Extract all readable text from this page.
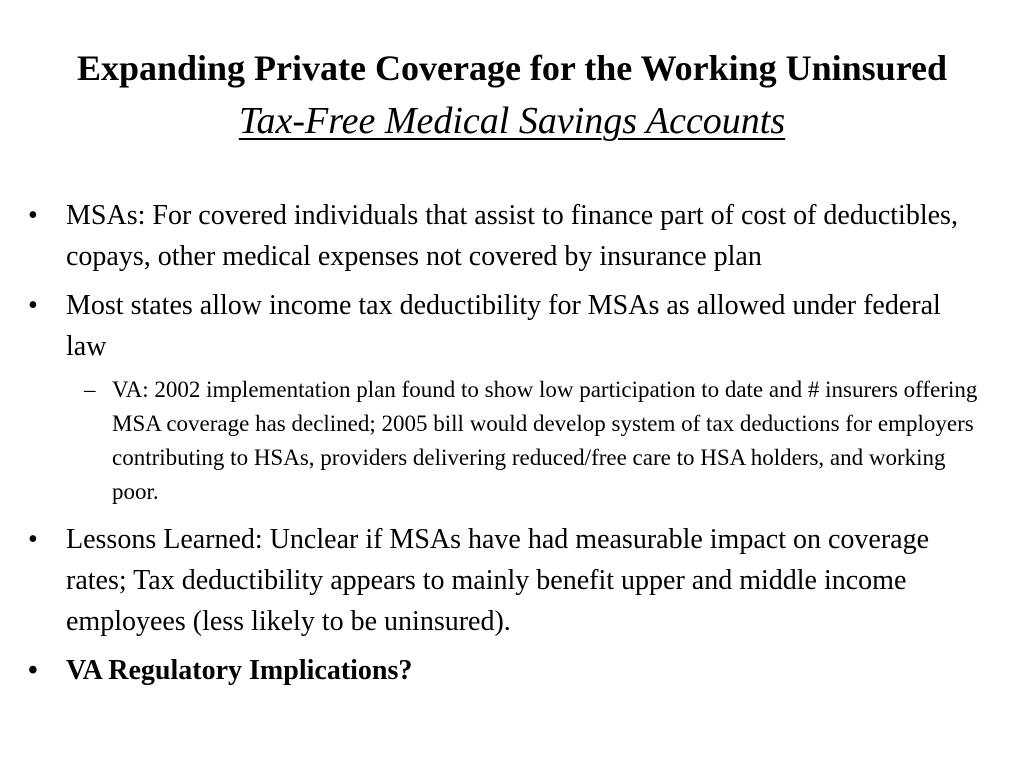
Expanding Private Coverage for the Working Uninsured
Tax-Free Medical Savings Accounts
• MSAs: For covered individuals that assist to finance part of cost of deductibles, copays, other medical expenses not covered by insurance plan
• Most states allow income tax deductibility for MSAs as allowed under federal law
– VA: 2002 implementation plan found to show low participation to date and # insurers offering MSA coverage has declined; 2005 bill would develop system of tax deductions for employers contributing to HSAs, providers delivering reduced/free care to HSA holders, and working poor.
• Lessons Learned: Unclear if MSAs have had measurable impact on coverage rates; Tax deductibility appears to mainly benefit upper and middle income employees (less likely to be uninsured).
• VA Regulatory Implications?
